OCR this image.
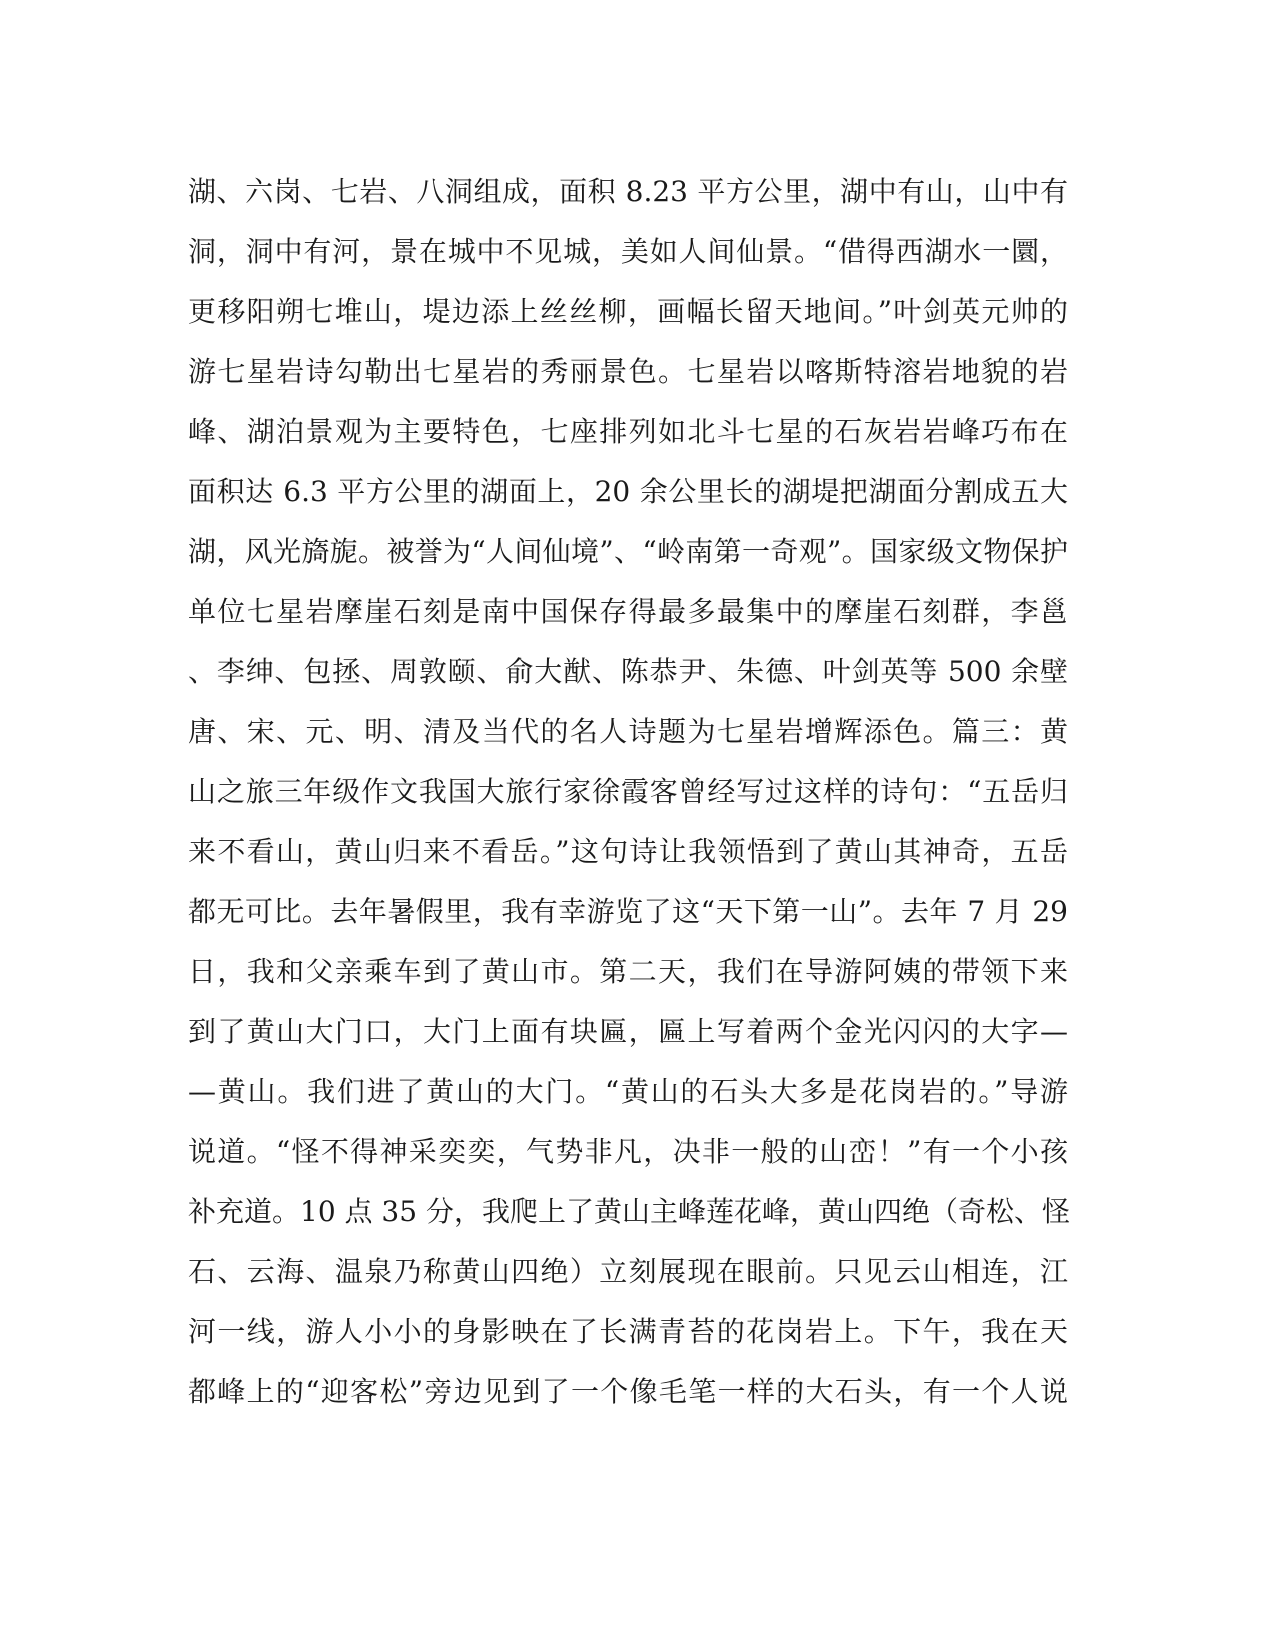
湖、六岗、七岩、八洞组成，面积 8.23 平方公里，湖中有山，山中有
洞，洞中有河，景在城中不见城，美如人间仙景。“借得西湖水一圜，
更移阳朔七堆山，堤边添上丝丝柳，画幅长留天地间。”叶剑英元帅的
游七星岩诗勾勒出七星岩的秀丽景色。七星岩以喀斯特溶岩地貌的岩
峰、湖泊景观为主要特色，七座排列如北斗七星的石灰岩岩峰巧布在
面积达 6.3 平方公里的湖面上，20 余公里长的湖堤把湖面分割成五大
湖，风光旖旎。被誉为“人间仙境”、“岭南第一奇观”。国家级文物保护
单位七星岩摩崖石刻是南中国保存得最多最集中的摩崖石刻群，李邕
、李绅、包拯、周敦颐、俞大猷、陈恭尹、朱德、叶剑英等 500 余壁
唐、宋、元、明、清及当代的名人诗题为七星岩增辉添色。篇三：黄
山之旅三年级作文我国大旅行家徐霞客曾经写过这样的诗句：“五岳归
来不看山，黄山归来不看岳。”这句诗让我领悟到了黄山其神奇，五岳
都无可比。去年暑假里，我有幸游览了这“天下第一山”。去年 7 月 29
日，我和父亲乘车到了黄山市。第二天，我们在导游阿姨的带领下来
到了黄山大门口，大门上面有块匾，匾上写着两个金光闪闪的大字—
—黄山。我们进了黄山的大门。“黄山的石头大多是花岗岩的。”导游
说道。“怪不得神采奕奕，气势非凡，决非一般的山峦！”有一个小孩
补充道。10 点 35 分，我爬上了黄山主峰莲花峰，黄山四绝（奇松、怪
石、云海、温泉乃称黄山四绝）立刻展现在眼前。只见云山相连，江
河一线，游人小小的身影映在了长满青苔的花岗岩上。下午，我在天
都峰上的“迎客松”旁边见到了一个像毛笔一样的大石头，有一个人说
